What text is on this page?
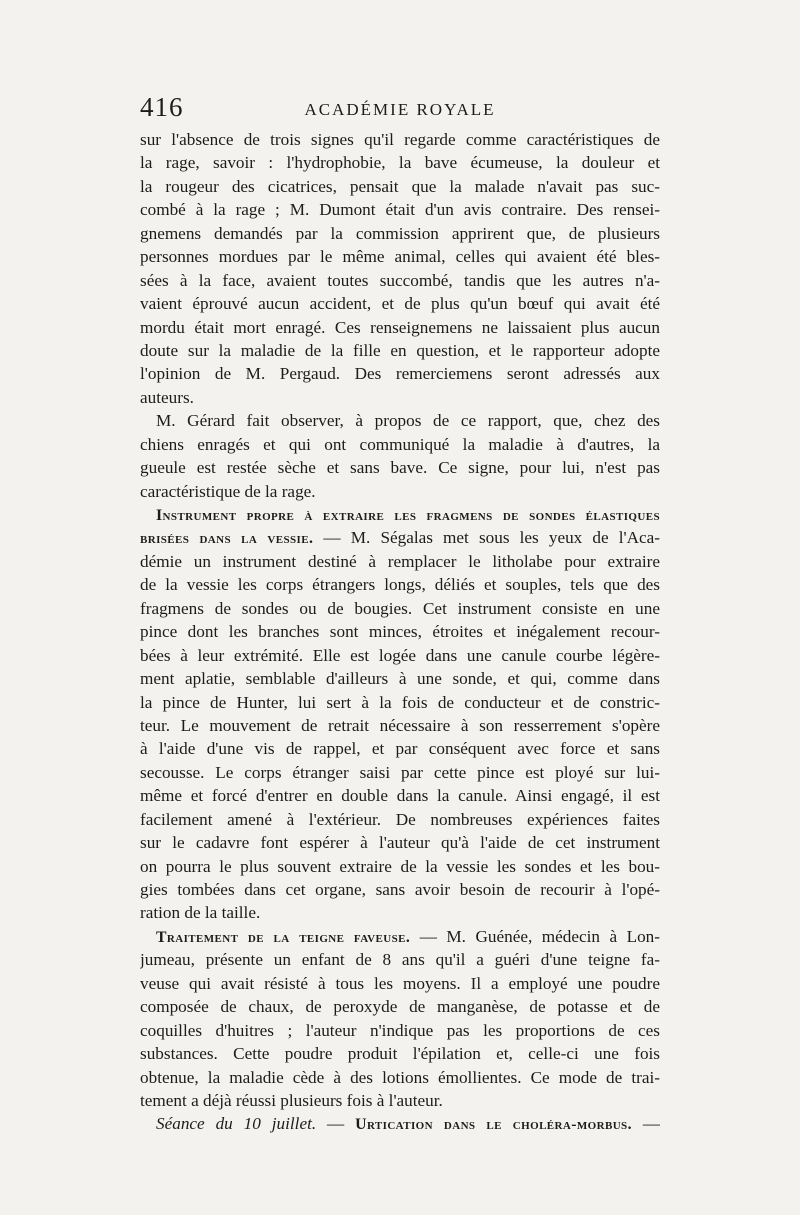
416	ACADÉMIE ROYALE
sur l'absence de trois signes qu'il regarde comme caractéristiques de
la rage, savoir : l'hydrophobie, la bave écumeuse, la douleur et
la rougeur des cicatrices, pensait que la malade n'avait pas suc-
combé à la rage ; M. Dumont était d'un avis contraire. Des rensei-
gnemens demandés par la commission apprirent que, de plusieurs
personnes mordues par le même animal, celles qui avaient été bles-
sées à la face, avaient toutes succombé, tandis que les autres n'a-
vaient éprouvé aucun accident, et de plus qu'un bœuf qui avait été
mordu était mort enragé. Ces renseignemens ne laissaient plus aucun
doute sur la maladie de la fille en question, et le rapporteur adopte
l'opinion de M. Pergaud. Des remerciemens seront adressés aux
auteurs.
M. Gérard fait observer, à propos de ce rapport, que, chez des
chiens enragés et qui ont communiqué la maladie à d'autres, la
gueule est restée sèche et sans bave. Ce signe, pour lui, n'est pas
caractéristique de la rage.
Instrument propre à extraire les fragmens de sondes élastiques
brisées dans la vessie. — M. Ségalas met sous les yeux de l'Aca-
démie un instrument destiné à remplacer le litholabe pour extraire
de la vessie les corps étrangers longs, déliés et souples, tels que des
fragmens de sondes ou de bougies. Cet instrument consiste en une
pince dont les branches sont minces, étroites et inégalement recour-
bées à leur extrémité. Elle est logée dans une canule courbe légère-
ment aplatie, semblable d'ailleurs à une sonde, et qui, comme dans
la pince de Hunter, lui sert à la fois de conducteur et de constric-
teur. Le mouvement de retrait nécessaire à son resserrement s'opère
à l'aide d'une vis de rappel, et par conséquent avec force et sans
secousse. Le corps étranger saisi par cette pince est ployé sur lui-
même et forcé d'entrer en double dans la canule. Ainsi engagé, il est
facilement amené à l'extérieur. De nombreuses expériences faites
sur le cadavre font espérer à l'auteur qu'à l'aide de cet instrument
on pourra le plus souvent extraire de la vessie les sondes et les bou-
gies tombées dans cet organe, sans avoir besoin de recourir à l'opé-
ration de la taille.
Traitement de la teigne faveuse. — M. Guénée, médecin à Lon-
jumeau, présente un enfant de 8 ans qu'il a guéri d'une teigne fa-
veuse qui avait résisté à tous les moyens. Il a employé une poudre
composée de chaux, de peroxyde de manganèse, de potasse et de
coquilles d'huitres ; l'auteur n'indique pas les proportions de ces
substances. Cette poudre produit l'épilation et, celle-ci une fois
obtenue, la maladie cède à des lotions émollientes. Ce mode de trai-
tement a déjà réussi plusieurs fois à l'auteur.
Séance du 10 juillet. — Urtication dans le choléra-morbus. —
